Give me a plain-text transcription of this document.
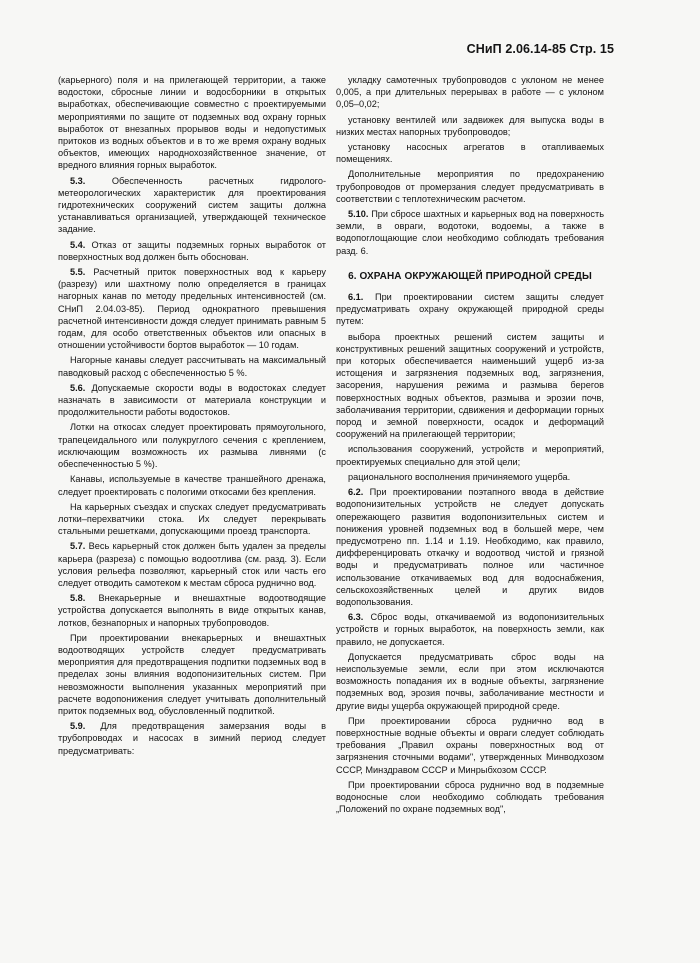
СНиП 2.06.14-85 Стр. 15

(карьерного) поля и на прилегающей территории, а также водостоки, сбросные линии и водосборники в открытых выработках, обеспечивающие совместно с проектируемыми мероприятиями по защите от подземных вод охрану горных выработок от внезапных прорывов воды и недопустимых притоков из водных объектов и в то же время охрану водных объектов, имеющих народнохозяйственное значение, от вредного влияния горных выработок.

5.3.	Обеспеченность расчетных гидролого-метеорологических характеристик для проектирования гидротехнических сооружений систем защиты должна устанавливаться организацией, утверждающей техническое задание.

5.4. Отказ от защиты подземных горных выработок от поверхностных вод должен быть обоснован.

5.5. Расчетный приток поверхностных вод к карьеру (разрезу) или шахтному полю определяется в границах нагорных канав по методу предельных интенсивностей (см. СНиП 2.04.03-85). Период однократного превышения расчетной интенсивности дождя следует принимать равным 5 годам, для особо ответственных объектов или опасных в отношении устойчивости бортов выработок — 10 годам.

Нагорные канавы следует рассчитывать на максимальный паводковый расход с обеспеченностью 5 %.

5.6. Допускаемые скорости воды в водостоках следует назначать в зависимости от материала конструкции и продолжительности работы водостоков.

Лотки на откосах следует проектировать прямоугольного, трапецеидального или полукруглого сечения с креплением, исключающим возможность их размыва ливнями (с обеспеченностью 5 %).

Канавы, используемые в качестве траншейного дренажа, следует проектировать с пологими откосами без крепления.

На карьерных съездах и спусках следует предусматривать лотки–перехватчики стока. Их следует перекрывать стальными решетками, допускающими проезд транспорта.

5.7. Весь карьерный сток должен быть удален за пределы карьера (разреза) с помощью водоотлива (см. разд. 3). Если условия рельефа позволяют, карьерный сток или часть его следует отводить самотеком к местам сброса руднично вод.

5.8. Внекарьерные и внешахтные водоотводящие устройства допускается выполнять в виде открытых канав, лотков, безнапорных и напорных трубопроводов.

При проектировании внекарьерных и внешахтных водоотводящих устройств следует предусматривать мероприятия для предотвращения подпитки подземных вод в пределах зоны влияния водопонизительных систем. При невозможности выполнения указанных мероприятий при расчете водопонижения следует учитывать дополнительный приток подземных вод, обусловленный подпиткой.

5.9. Для предотвращения замерзания воды в трубопроводах и насосах в зимний период следует предусматривать:

укладку самотечных трубопроводов с уклоном не менее 0,005, а при длительных перерывах в работе — с уклоном 0,05–0,02;

установку вентилей или задвижек для выпуска воды в низких местах напорных трубопроводов;

установку насосных агрегатов в отапливаемых помещениях.

Дополнительные мероприятия по предохранению трубопроводов от промерзания следует предусматривать в соответствии с теплотехническим расчетом.

5.10. При сбросе шахтных и карьерных вод на поверхность земли, в овраги, водотоки, водоемы, а также в водопоглощающие слои необходимо соблюдать требования разд. 6.

6. ОХРАНА ОКРУЖАЮЩЕЙ ПРИРОДНОЙ СРЕДЫ

6.1. При проектировании систем защиты следует предусматривать охрану окружающей природной среды путем:

выбора проектных решений систем защиты и конструктивных решений защитных сооружений и устройств, при которых обеспечивается наименьший ущерб из-за истощения и загрязнения подземных вод, загрязнения, засорения, нарушения режима и размыва берегов поверхностных водных объектов, размыва и эрозии почв, заболачивания территории, сдвижения и деформации горных пород и земной поверхности, осадок и деформаций сооружений на прилегающей территории;

использования сооружений, устройств и мероприятий, проектируемых специально для этой цели;

рационального восполнения причиняемого ущерба.

6.2. При проектировании поэтапного ввода в действие водопонизительных устройств не следует допускать опережающего развития водопонизительных систем и понижения уровней подземных вод в большей мере, чем предусмотрено пп. 1.14 и 1.19. Необходимо, как правило, дифференцировать откачку и водоотвод чистой и грязной воды и предусматривать полное или частичное использование откачиваемых вод для водоснабжения, сельскохозяйственных целей и других видов водопользования.

6.3. Сброс воды, откачиваемой из водопонизительных устройств и горных выработок, на поверхность земли, как правило, не допускается.

Допускается предусматривать сброс воды на неиспользуемые земли, если при этом исключаются возможность попадания их в водные объекты, загрязнение подземных вод, эрозия почвы, заболачивание местности и другие виды ущерба окружающей природной среде.

При проектировании сброса руднично вод в поверхностные водные объекты и овраги следует соблюдать требования „Правил охраны поверхностных вод от загрязнения сточными водами", утвержденных Минводхозом СССР, Минздравом СССР и Минрыбхозом СССР.

При проектировании сброса руднично вод в подземные водоносные слои необходимо соблюдать требования „Положений по охране подземных вод",
